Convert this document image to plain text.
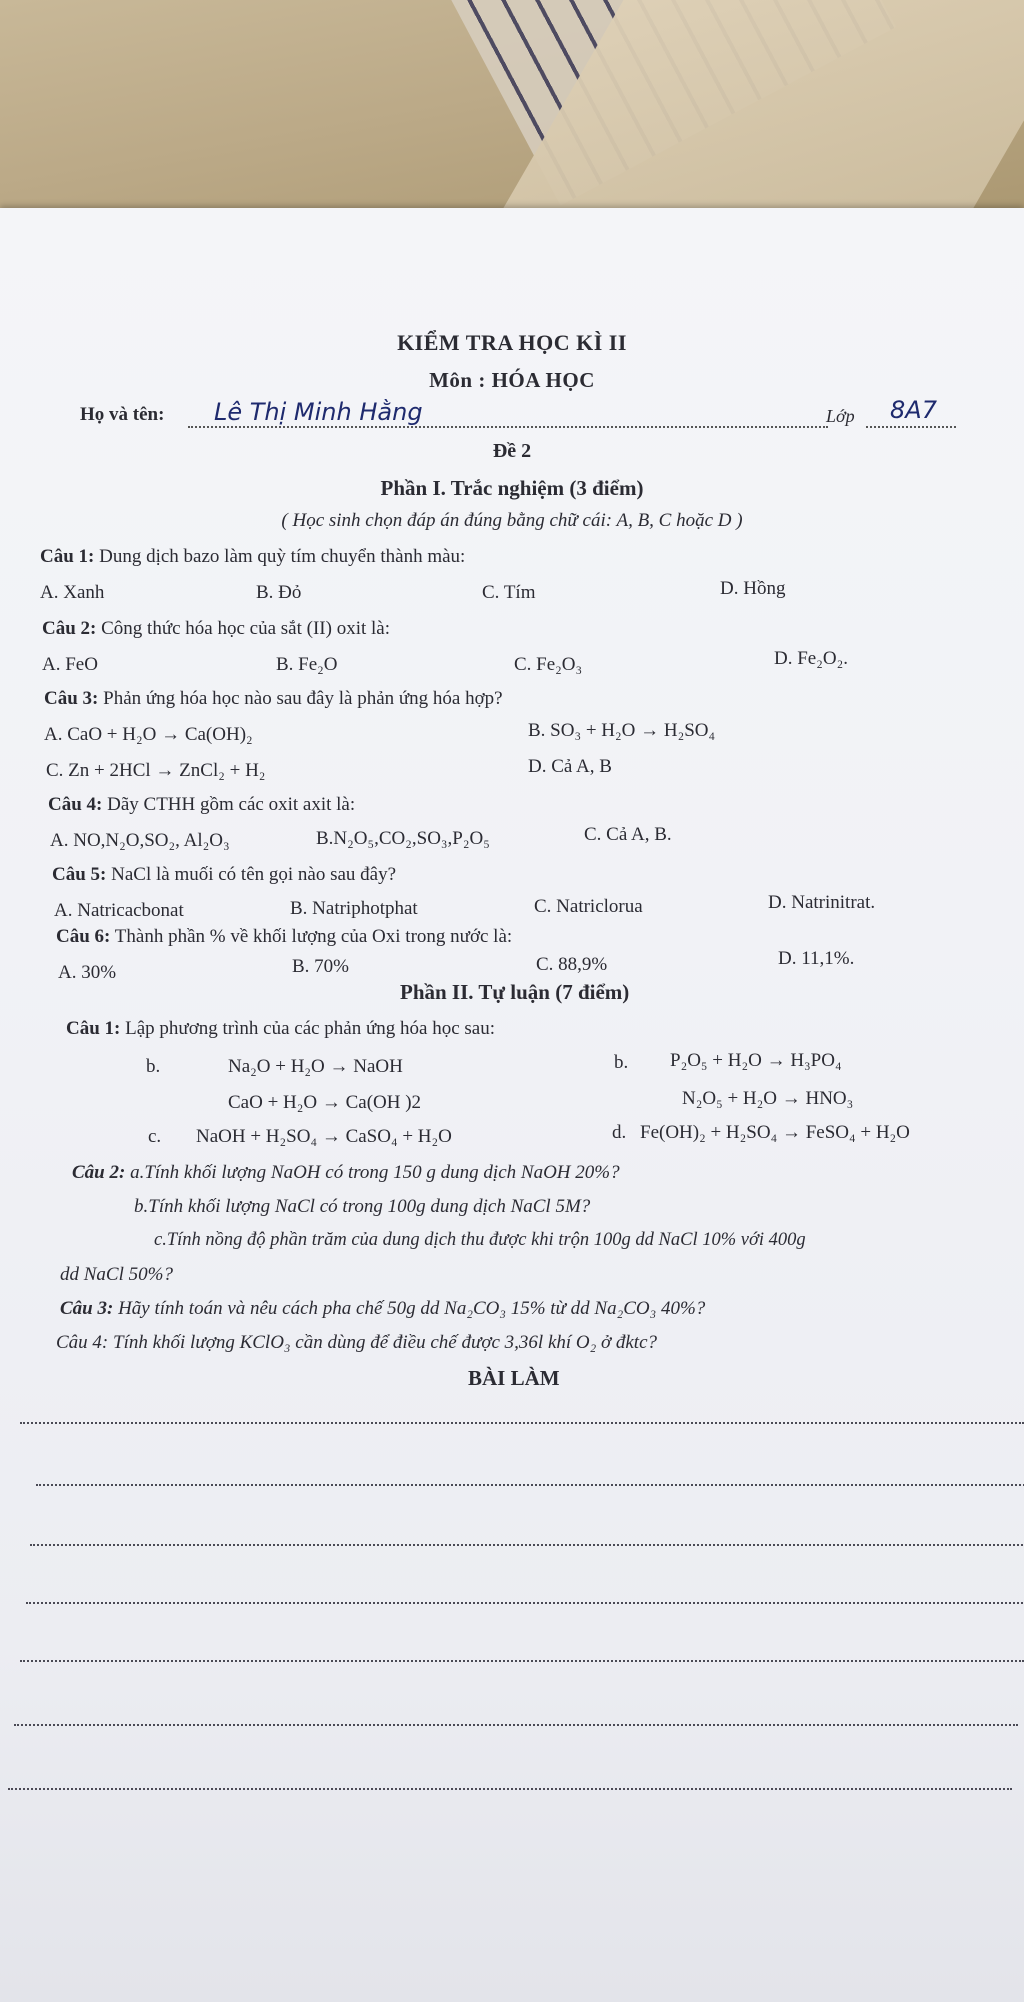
KIỂM TRA HỌC KÌ II
Môn : HÓA HỌC
Họ và tên: Lê Thị Minh Hằng	Lớp 8A7
Đề 2
Phần I. Trắc nghiệm (3 điểm)
( Học sinh chọn đáp án đúng bằng chữ cái: A, B, C hoặc D )
Câu 1: Dung dịch bazo làm quỳ tím chuyển thành màu:
A. Xanh	B. Đỏ	C. Tím	D. Hồng
Câu 2: Công thức hóa học của sắt (II) oxit là:
A. FeO	B. Fe₂O	C. Fe₂O₃	D. Fe₂O₂.
Câu 3: Phản ứng hóa học nào sau đây là phản ứng hóa hợp?
A. CaO + H₂O → Ca(OH)₂	B. SO₃ + H₂O → H₂SO₄
C. Zn + 2HCl → ZnCl₂ + H₂	D. Cả A, B
Câu 4: Dãy CTHH gồm các oxit axit là:
A. NO,N₂O,SO₂, Al₂O₃	B.N₂O₅,CO₂,SO₃,P₂O₅	C. Cả A, B.
Câu 5: NaCl là muối có tên gọi nào sau đây?
A. Natricacbonat	B. Natriphotphat	C. Natriclorua	D. Natrinitrat.
Câu 6: Thành phần % về khối lượng của Oxi trong nước là:
A. 30%	B. 70%	C. 88,9%	D. 11,1%.
Phần II. Tự luận (7 điểm)
Câu 1: Lập phương trình của các phản ứng hóa học sau:
b.	Na₂O + H₂O → NaOH	b. P₂O₅ + H₂O → H₃PO₄
CaO + H₂O → Ca(OH )2	N₂O₅ + H₂O → HNO₃
c. NaOH + H₂SO₄ → CaSO₄ + H₂O	d. Fe(OH)₂ + H₂SO₄ → FeSO₄ + H₂O
Câu 2: a.Tính khối lượng NaOH có trong 150 g dung dịch NaOH 20%?
b.Tính khối lượng NaCl có trong 100g dung dịch NaCl 5M?
c.Tính nồng độ phần trăm của dung dịch thu được khi trộn 100g dd NaCl 10% với 400g
dd NaCl 50%?
Câu 3: Hãy tính toán và nêu cách pha chế 50g dd Na₂CO₃ 15% từ dd Na₂CO₃ 40%?
Câu 4: Tính khối lượng KClO₃ cần dùng để điều chế được 3,36l khí O₂ ở đktc?
BÀI LÀM
